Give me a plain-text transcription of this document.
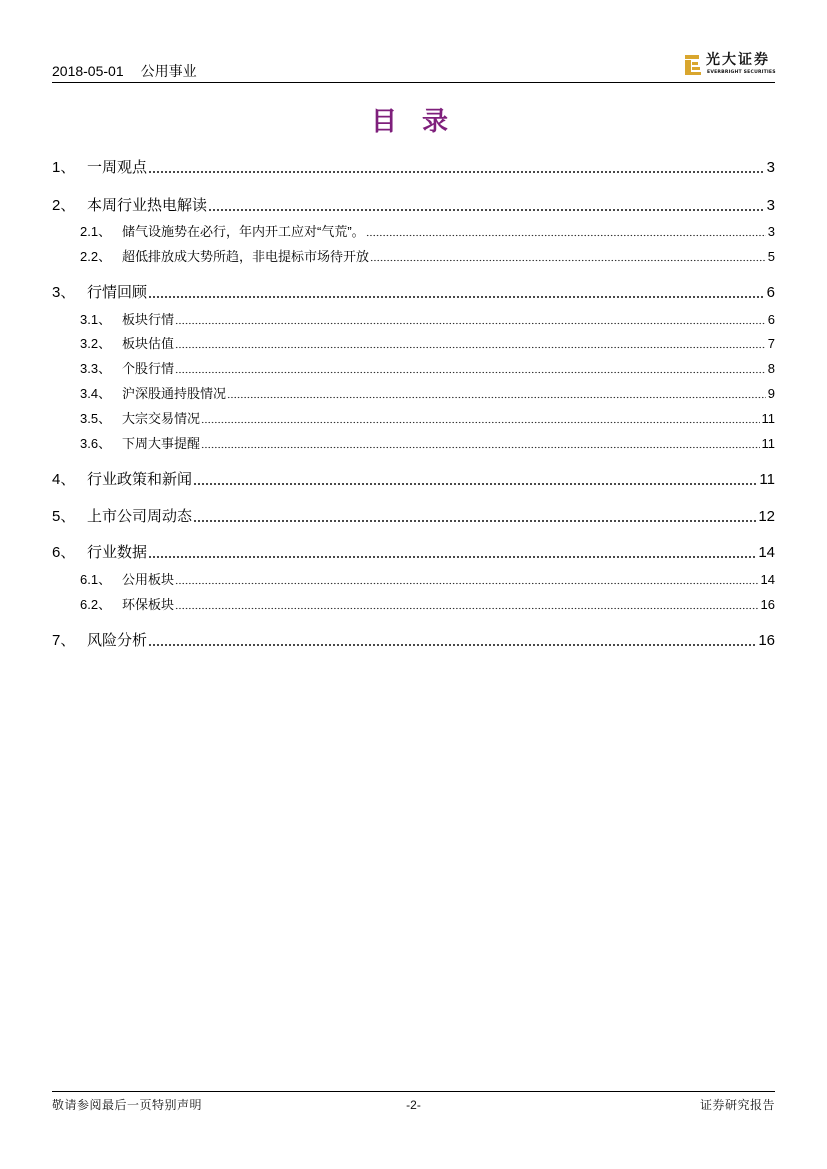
2018-05-01 公用事业
光大证券
EVERBRIGHT SECURITIES
目 录
1、 一周观点	3
2、 本周行业热电解读	3
2.1、 储气设施势在必行，年内开工应对“气荒”。	3
2.2、 超低排放成大势所趋，非电提标市场待开放	5
3、 行情回顾	6
3.1、 板块行情	6
3.2、 板块估值	7
3.3、 个股行情	8
3.4、 沪深股通持股情况	9
3.5、 大宗交易情况	11
3.6、 下周大事提醒	11
4、 行业政策和新闻	11
5、 上市公司周动态	12
6、 行业数据	14
6.1、 公用板块	14
6.2、 环保板块	16
7、 风险分析	16
敬请参阅最后一页特别声明	-2-	证券研究报告
